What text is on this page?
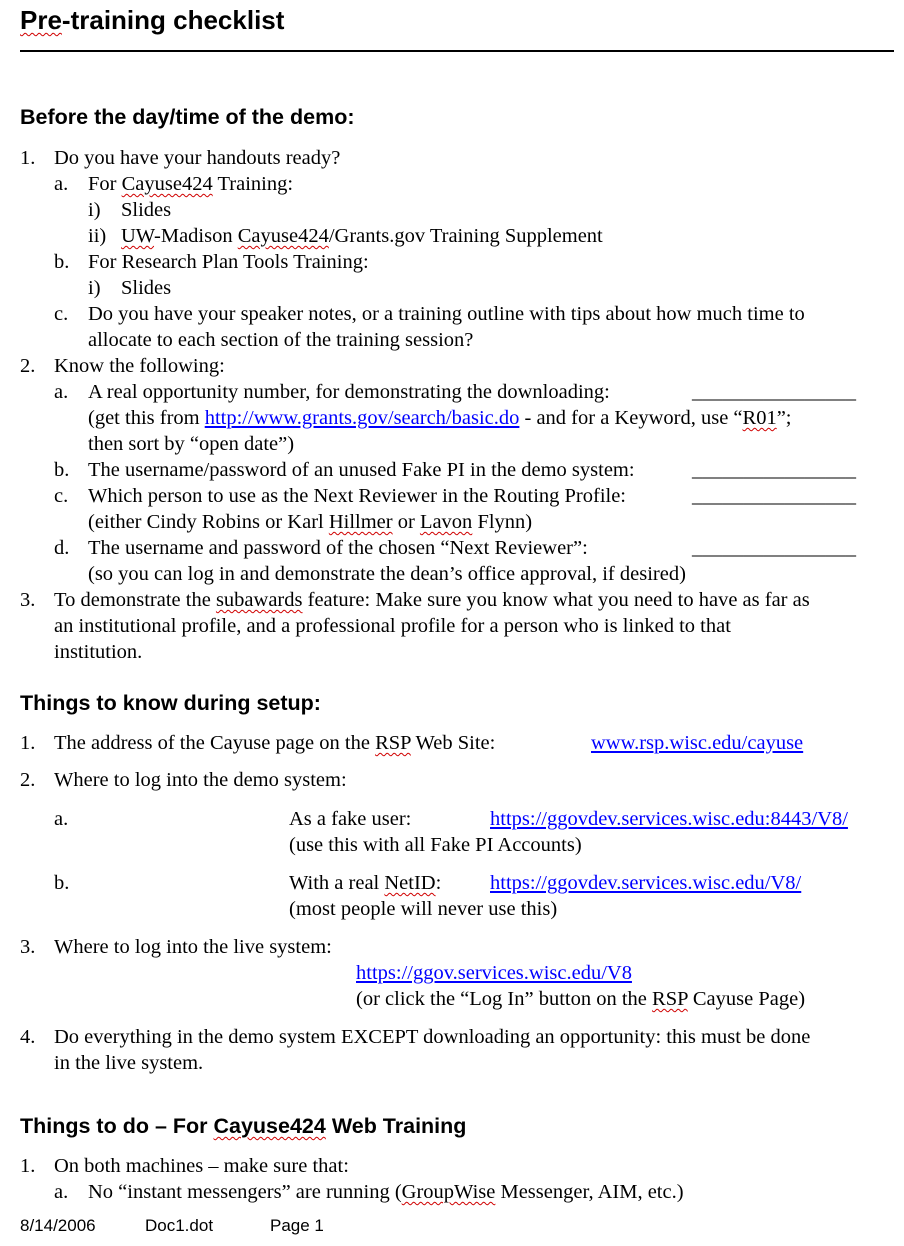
Pre-training checklist
Before the day/time of the demo:
1. Do you have your handouts ready?
a. For Cayuse424 Training:
i) Slides
ii) UW-Madison Cayuse424/Grants.gov Training Supplement
b. For Research Plan Tools Training:
i) Slides
c. Do you have your speaker notes, or a training outline with tips about how much time to
allocate to each section of the training session?
2. Know the following:
a. A real opportunity number, for demonstrating the downloading:	________________
(get this from http://www.grants.gov/search/basic.do - and for a Keyword, use “R01”;
then sort by “open date”)
b. The username/password of an unused Fake PI in the demo system:	________________
c. Which person to use as the Next Reviewer in the Routing Profile:	________________
(either Cindy Robins or Karl Hillmer or Lavon Flynn)
d. The username and password of the chosen “Next Reviewer”:	________________
(so you can log in and demonstrate the dean’s office approval, if desired)
3. To demonstrate the subawards feature: Make sure you know what you need to have as far as
an institutional profile, and a professional profile for a person who is linked to that
institution.
Things to know during setup:
1. The address of the Cayuse page on the RSP Web Site:	www.rsp.wisc.edu/cayuse
2. Where to log into the demo system:
a.	As a fake user:	https://ggovdev.services.wisc.edu:8443/V8/
(use this with all Fake PI Accounts)
b.	With a real NetID: https://ggovdev.services.wisc.edu/V8/
(most people will never use this)
3. Where to log into the live system:
https://ggov.services.wisc.edu/V8
(or click the “Log In” button on the RSP Cayuse Page)
4. Do everything in the demo system EXCEPT downloading an opportunity: this must be done
in the live system.
Things to do – For Cayuse424 Web Training
1. On both machines – make sure that:
a. No “instant messengers” are running (GroupWise Messenger, AIM, etc.)
8/14/2006	Doc1.dot	Page 1
